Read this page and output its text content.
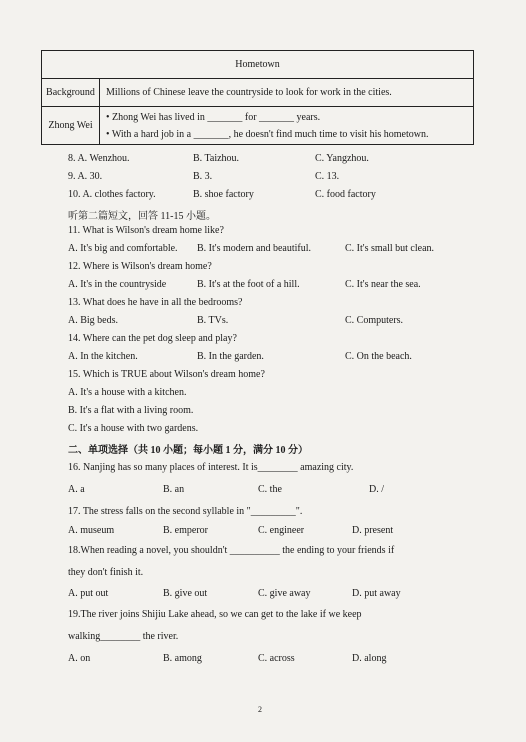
Hometown	
Background	Millions of Chinese leave the countryside to look for work in the cities.
Zhong Wei	• Zhong Wei has lived in _______ for _______ years.
• With a hard job in a _______, he doesn't find much time to visit his hometown.
8. A. Wenzhou.	B. Taizhou.	C. Yangzhou.
9. A. 30.	B. 3.	C. 13.
10. A. clothes factory.	B. shoe factory	C. food factory
听第二篇短文，回答 11-15 小题。
11. What is Wilson's dream home like?
A. It's big and comfortable. B. It's modern and beautiful.	C. It's small but clean.
12. Where is Wilson's dream home?
A. It's in the countryside	B. It's at the foot of a hill.	C. It's near the sea.
13. What does he have in all the bedrooms?
A. Big beds.	B. TVs.	C. Computers.
14. Where can the pet dog sleep and play?
A. In the kitchen.	B. In the garden.	C. On the beach.
15. Which is TRUE about Wilson's dream home?
A. It's a house with a kitchen.
B. It's a flat with a living room.
C. It's a house with two gardens.
二、单项选择（共 10 小题；每小题 1 分，满分 10 分）
16. Nanjing has so many places of interest. It is________ amazing city.
A. a	B. an	C. the	D. /
17. The stress falls on the second syllable in "_________".
A. museum	B. emperor	C. engineer	D. present
18.When reading a novel, you shouldn't __________ the ending to your friends if
they don't finish it.
A. put out	B. give out	C. give away	D. put away
19.The river joins Shijiu Lake ahead, so we can get to the lake if we keep
walking________ the river.
A. on	B. among	C. across	D. along
2
